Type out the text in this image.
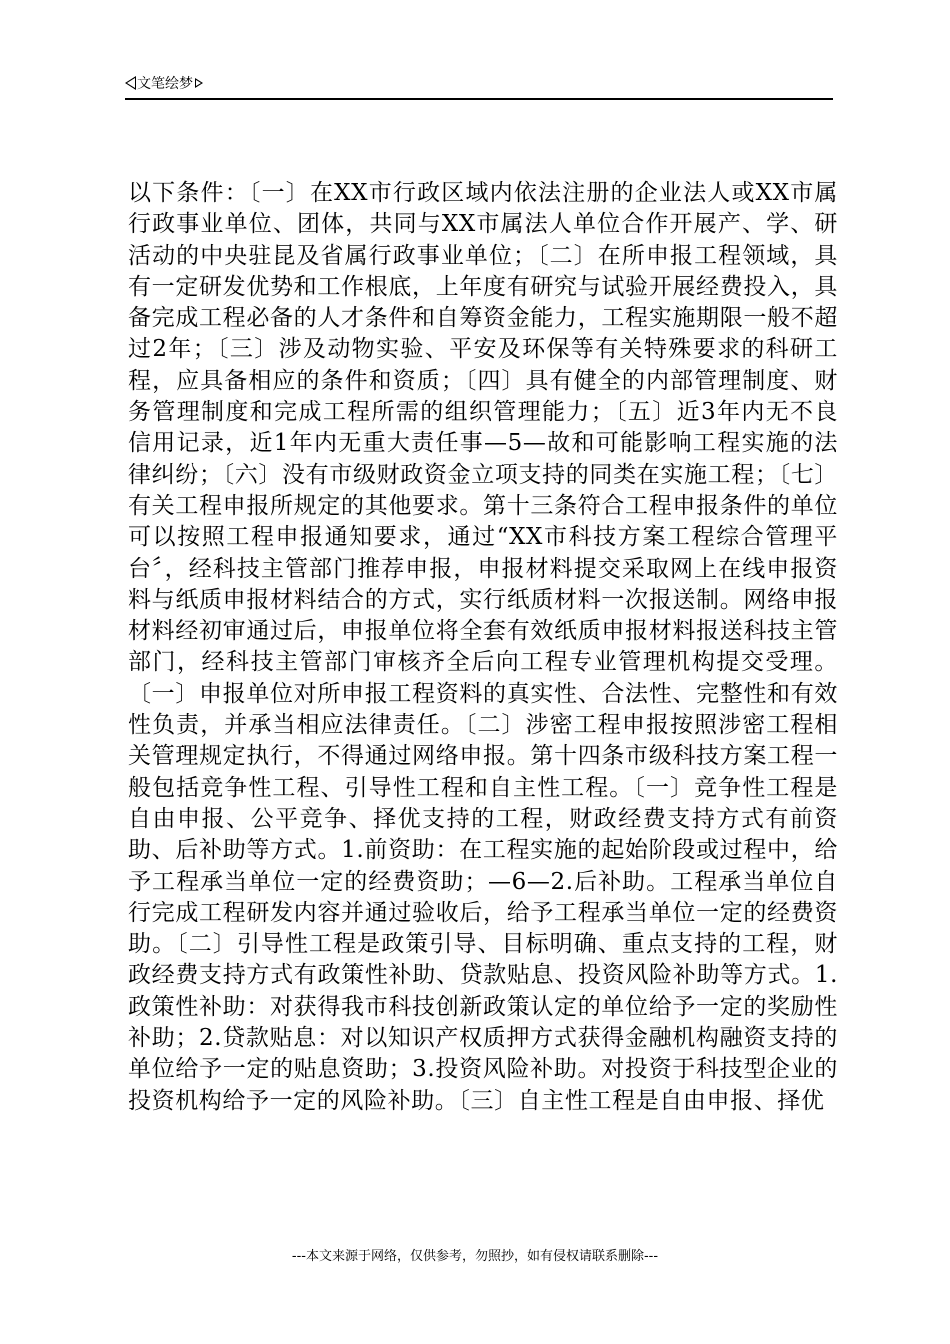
文笔绘梦

以下条件：〔一〕在XX市行政区域内依法注册的企业法人或XX市属行政事业单位、团体，共同与XX市属法人单位合作开展产、学、研活动的中央驻昆及省属行政事业单位；〔二〕在所申报工程领域，具有一定研发优势和工作根底，上年度有研究与试验开展经费投入，具备完成工程必备的人才条件和自筹资金能力，工程实施期限一般不超过2年；〔三〕涉及动物实验、平安及环保等有关特殊要求的科研工程，应具备相应的条件和资质；〔四〕具有健全的内部管理制度、财务管理制度和完成工程所需的组织管理能力；〔五〕近3年内无不良信用记录，近1年内无重大责任事—5—故和可能影响工程实施的法律纠纷；〔六〕没有市级财政资金立项支持的同类在实施工程；〔七〕有关工程申报所规定的其他要求。第十三条符合工程申报条件的单位可以按照工程申报通知要求，通过“XX市科技方案工程综合管理平台〞，经科技主管部门推荐申报，申报材料提交采取网上在线申报资料与纸质申报材料结合的方式，实行纸质材料一次报送制。网络申报材料经初审通过后，申报单位将全套有效纸质申报材料报送科技主管部门，经科技主管部门审核齐全后向工程专业管理机构提交受理。〔一〕申报单位对所申报工程资料的真实性、合法性、完整性和有效性负责，并承当相应法律责任。〔二〕涉密工程申报按照涉密工程相关管理规定执行，不得通过网络申报。第十四条市级科技方案工程一般包括竞争性工程、引导性工程和自主性工程。〔一〕竞争性工程是自由申报、公平竞争、择优支持的工程，财政经费支持方式有前资助、后补助等方式。1.前资助：在工程实施的起始阶段或过程中，给予工程承当单位一定的经费资助；—6—2.后补助。工程承当单位自行完成工程研发内容并通过验收后，给予工程承当单位一定的经费资助。〔二〕引导性工程是政策引导、目标明确、重点支持的工程，财政经费支持方式有政策性补助、贷款贴息、投资风险补助等方式。1.政策性补助：对获得我市科技创新政策认定的单位给予一定的奖励性补助；2.贷款贴息：对以知识产权质押方式获得金融机构融资支持的单位给予一定的贴息资助；3.投资风险补助。对投资于科技型企业的投资机构给予一定的风险补助。〔三〕自主性工程是自由申报、择优

---本文来源于网络，仅供参考，勿照抄，如有侵权请联系删除---
